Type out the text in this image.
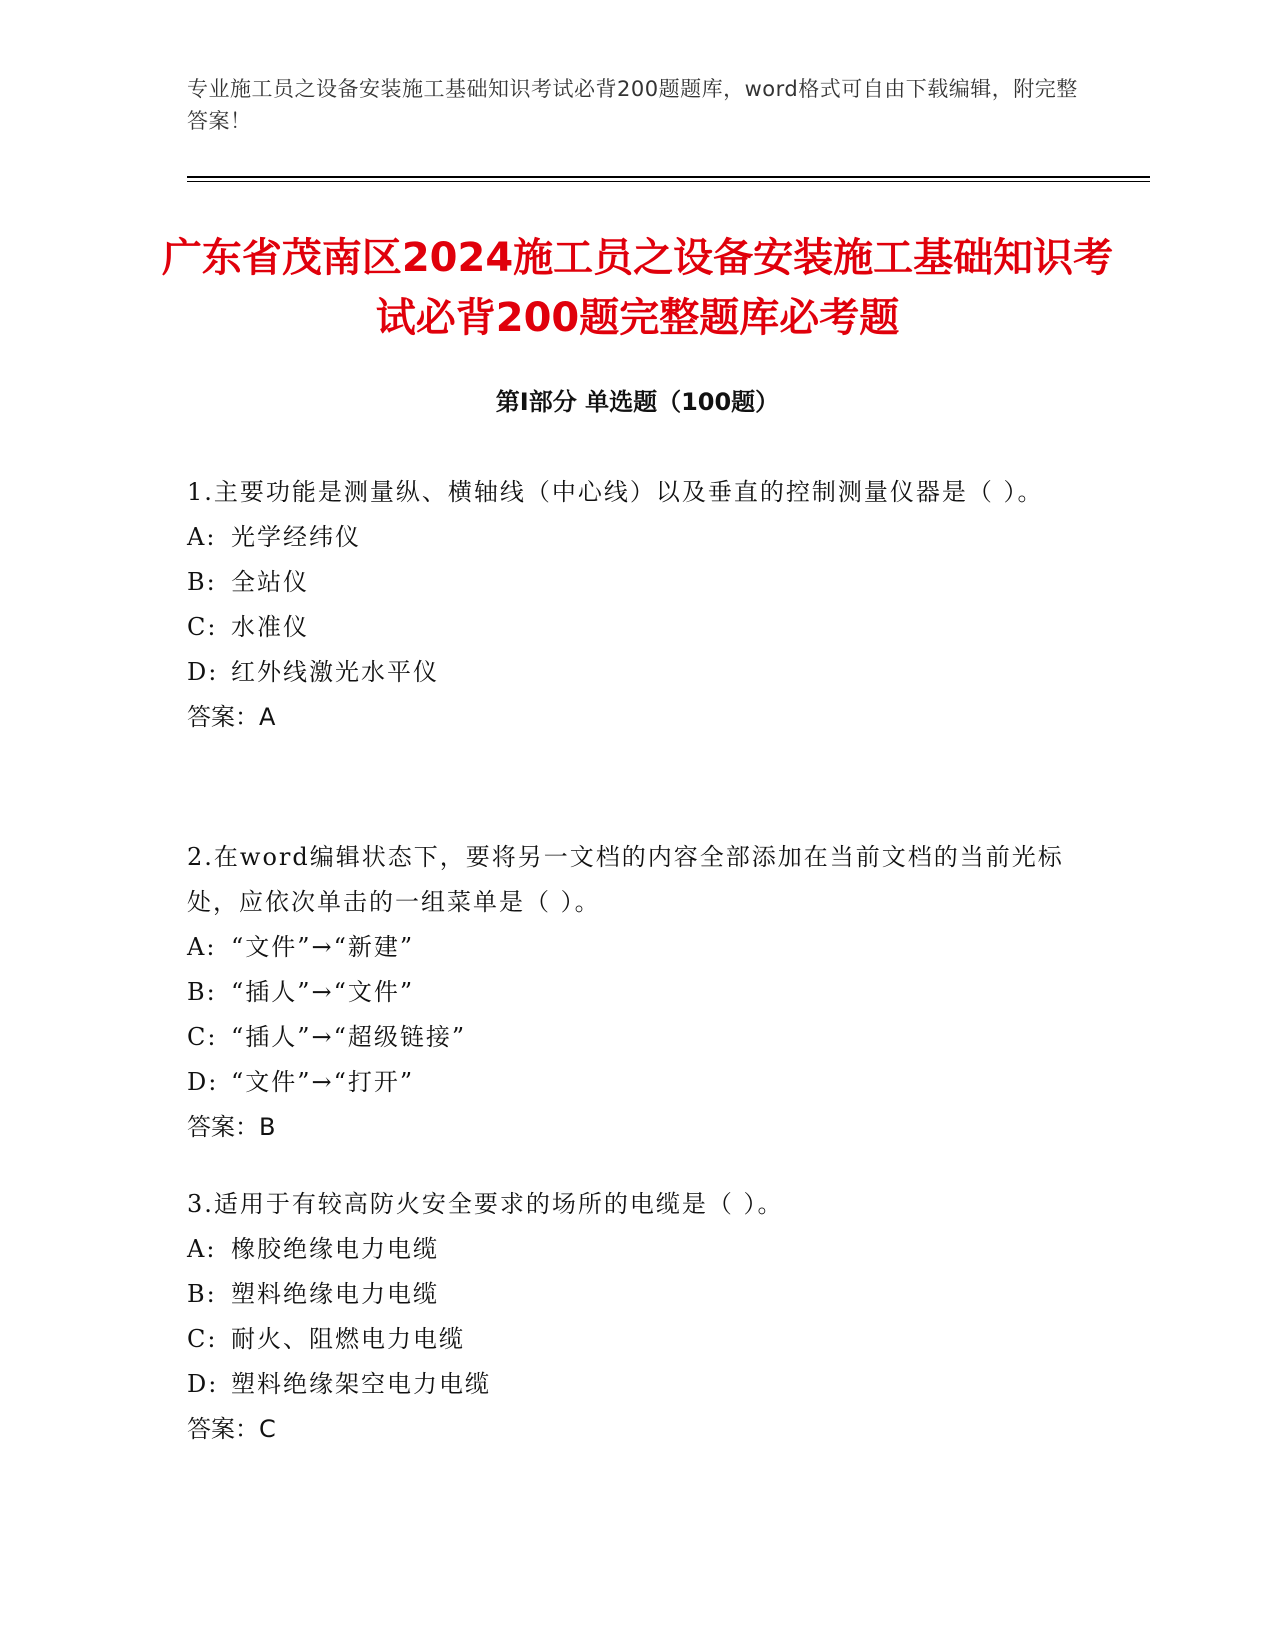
专业施工员之设备安装施工基础知识考试必背200题题库，word格式可自由下载编辑，附完整答案！
广东省茂南区2024施工员之设备安装施工基础知识考试必背200题完整题库必考题
第Ⅰ部分 单选题（100题）
1.主要功能是测量纵、横轴线（中心线）以及垂直的控制测量仪器是（ ）。
A: 光学经纬仪
B: 全站仪
C: 水准仪
D: 红外线激光水平仪
答案：A
2.在word编辑状态下，要将另一文档的内容全部添加在当前文档的当前光标处，应依次单击的一组菜单是（ ）。
A: “文件”→“新建”
B: “插人”→“文件”
C: “插人”→“超级链接”
D: “文件”→“打开”
答案：B
3.适用于有较高防火安全要求的场所的电缆是（ ）。
A: 橡胶绝缘电力电缆
B: 塑料绝缘电力电缆
C: 耐火、阻燃电力电缆
D: 塑料绝缘架空电力电缆
答案：C
